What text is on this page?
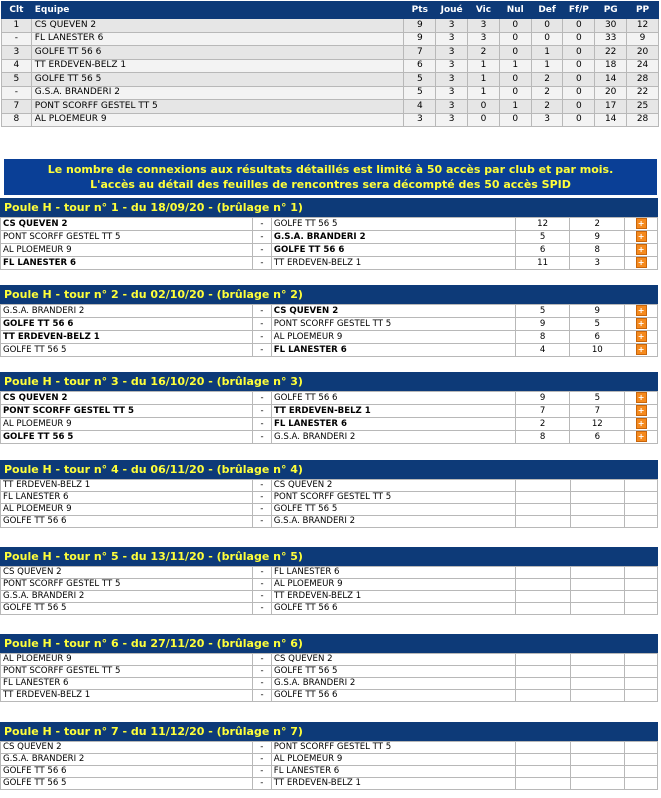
Clt	Equipe	Pts	Joué	Vic	Nul	Def	Ff/P	PG	PP
1	CS QUEVEN 2	9	3	3	0	0	0	30	12
-	FL LANESTER 6	9	3	3	0	0	0	33	9
3	GOLFE TT 56 6	7	3	2	0	1	0	22	20
4	TT ERDEVEN-BELZ 1	6	3	1	1	1	0	18	24
5	GOLFE TT 56 5	5	3	1	0	2	0	14	28
-	G.S.A. BRANDERI 2	5	3	1	0	2	0	20	22
7	PONT SCORFF GESTEL TT 5	4	3	0	1	2	0	17	25
8	AL PLOEMEUR 9	3	3	0	0	3	0	14	28
Le nombre de connexions aux résultats détaillés est limité à 50 accès par club et par mois.
L'accès au détail des feuilles de rencontres sera décompté des 50 accès SPID
Poule H - tour n° 1 - du 18/09/20 - (brûlage n° 1)
CS QUEVEN 2	-	GOLFE TT 56 5	12	2	+
PONT SCORFF GESTEL TT 5	-	G.S.A. BRANDERI 2	5	9	+
AL PLOEMEUR 9	-	GOLFE TT 56 6	6	8	+
FL LANESTER 6	-	TT ERDEVEN-BELZ 1	11	3	+
Poule H - tour n° 2 - du 02/10/20 - (brûlage n° 2)
G.S.A. BRANDERI 2	-	CS QUEVEN 2	5	9	+
GOLFE TT 56 6	-	PONT SCORFF GESTEL TT 5	9	5	+
TT ERDEVEN-BELZ 1	-	AL PLOEMEUR 9	8	6	+
GOLFE TT 56 5	-	FL LANESTER 6	4	10	+
Poule H - tour n° 3 - du 16/10/20 - (brûlage n° 3)
CS QUEVEN 2	-	GOLFE TT 56 6	9	5	+
PONT SCORFF GESTEL TT 5	-	TT ERDEVEN-BELZ 1	7	7	+
AL PLOEMEUR 9	-	FL LANESTER 6	2	12	+
GOLFE TT 56 5	-	G.S.A. BRANDERI 2	8	6	+
Poule H - tour n° 4 - du 06/11/20 - (brûlage n° 4)
TT ERDEVEN-BELZ 1	-	CS QUEVEN 2			
FL LANESTER 6	-	PONT SCORFF GESTEL TT 5			
AL PLOEMEUR 9	-	GOLFE TT 56 5			
GOLFE TT 56 6	-	G.S.A. BRANDERI 2			
Poule H - tour n° 5 - du 13/11/20 - (brûlage n° 5)
CS QUEVEN 2	-	FL LANESTER 6			
PONT SCORFF GESTEL TT 5	-	AL PLOEMEUR 9			
G.S.A. BRANDERI 2	-	TT ERDEVEN-BELZ 1			
GOLFE TT 56 5	-	GOLFE TT 56 6			
Poule H - tour n° 6 - du 27/11/20 - (brûlage n° 6)
AL PLOEMEUR 9	-	CS QUEVEN 2			
PONT SCORFF GESTEL TT 5	-	GOLFE TT 56 5			
FL LANESTER 6	-	G.S.A. BRANDERI 2			
TT ERDEVEN-BELZ 1	-	GOLFE TT 56 6			
Poule H - tour n° 7 - du 11/12/20 - (brûlage n° 7)
CS QUEVEN 2	-	PONT SCORFF GESTEL TT 5			
G.S.A. BRANDERI 2	-	AL PLOEMEUR 9			
GOLFE TT 56 6	-	FL LANESTER 6			
GOLFE TT 56 5	-	TT ERDEVEN-BELZ 1			
